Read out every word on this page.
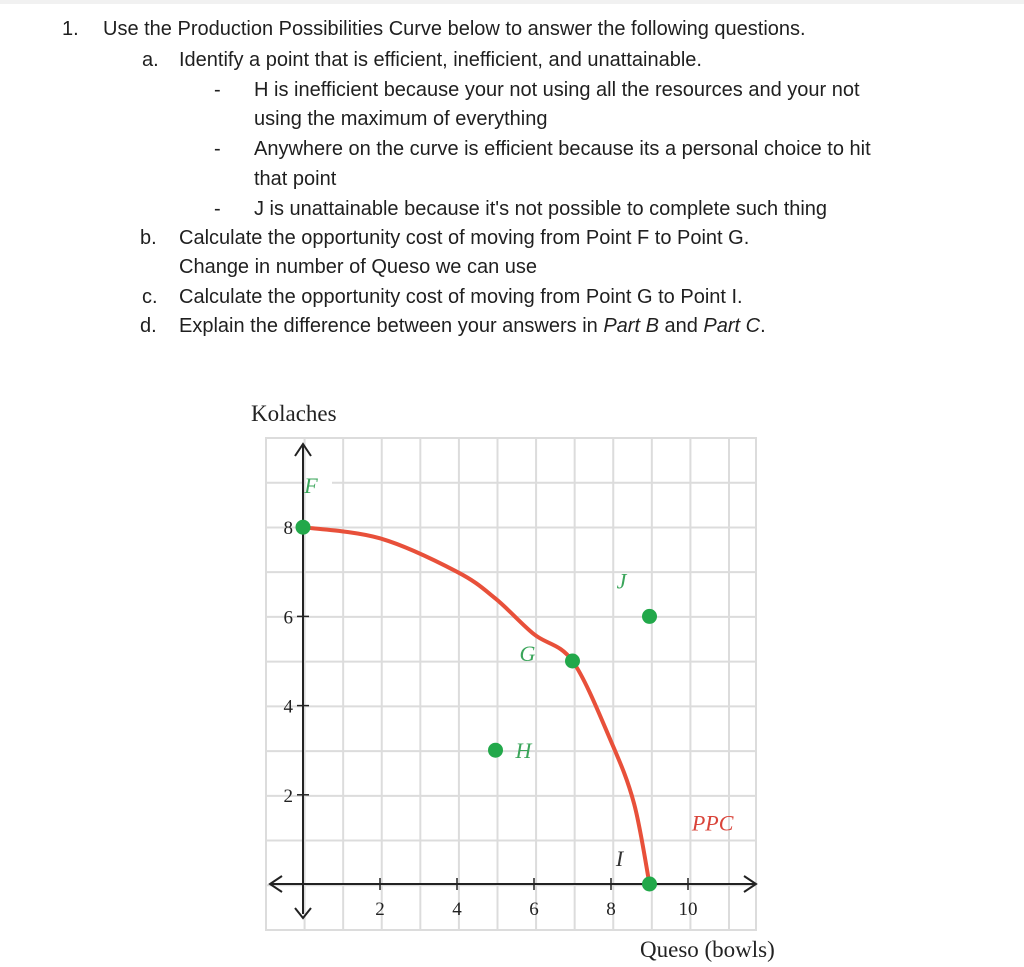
1. Use the Production Possibilities Curve below to answer the following questions.
a. Identify a point that is efficient, inefficient, and unattainable.
- H is inefficient because your not using all the resources and your not
using the maximum of everything
- Anywhere on the curve is efficient because its a personal choice to hit
that point
- J is unattainable because it's not possible to complete such thing
b. Calculate the opportunity cost of moving from Point F to Point G.
Change in number of Queso we can use
c. Calculate the opportunity cost of moving from Point G to Point I.
d. Explain the difference between your answers in Part B and Part C.
2	4	6	8	10
2
4
6
8
Kolaches
Queso (bowls)
PPC
F
G
H
I
J
